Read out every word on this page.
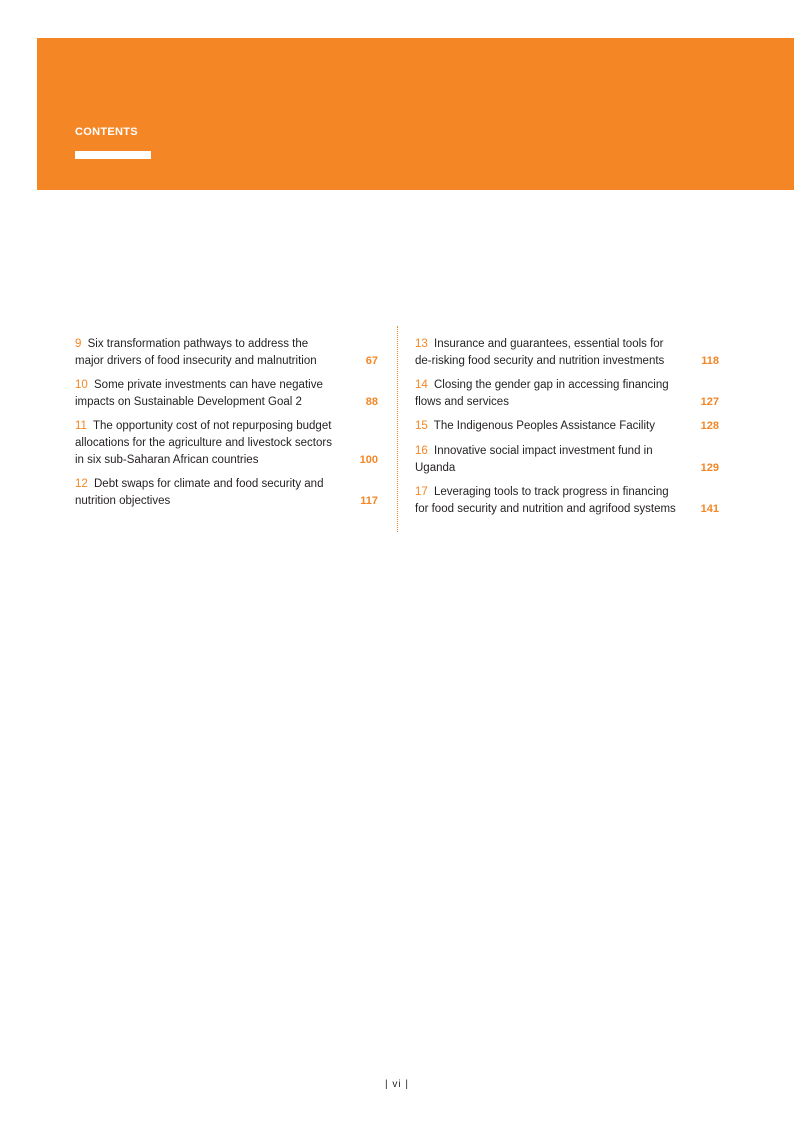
CONTENTS
9 Six transformation pathways to address the major drivers of food insecurity and malnutrition	67
10 Some private investments can have negative impacts on Sustainable Development Goal 2	88
11 The opportunity cost of not repurposing budget allocations for the agriculture and livestock sectors in six sub-Saharan African countries	100
12 Debt swaps for climate and food security and nutrition objectives	117
13 Insurance and guarantees, essential tools for de-risking food security and nutrition investments	118
14 Closing the gender gap in accessing financing flows and services	127
15 The Indigenous Peoples Assistance Facility	128
16 Innovative social impact investment fund in Uganda	129
17 Leveraging tools to track progress in financing for food security and nutrition and agrifood systems 141
| vi |
